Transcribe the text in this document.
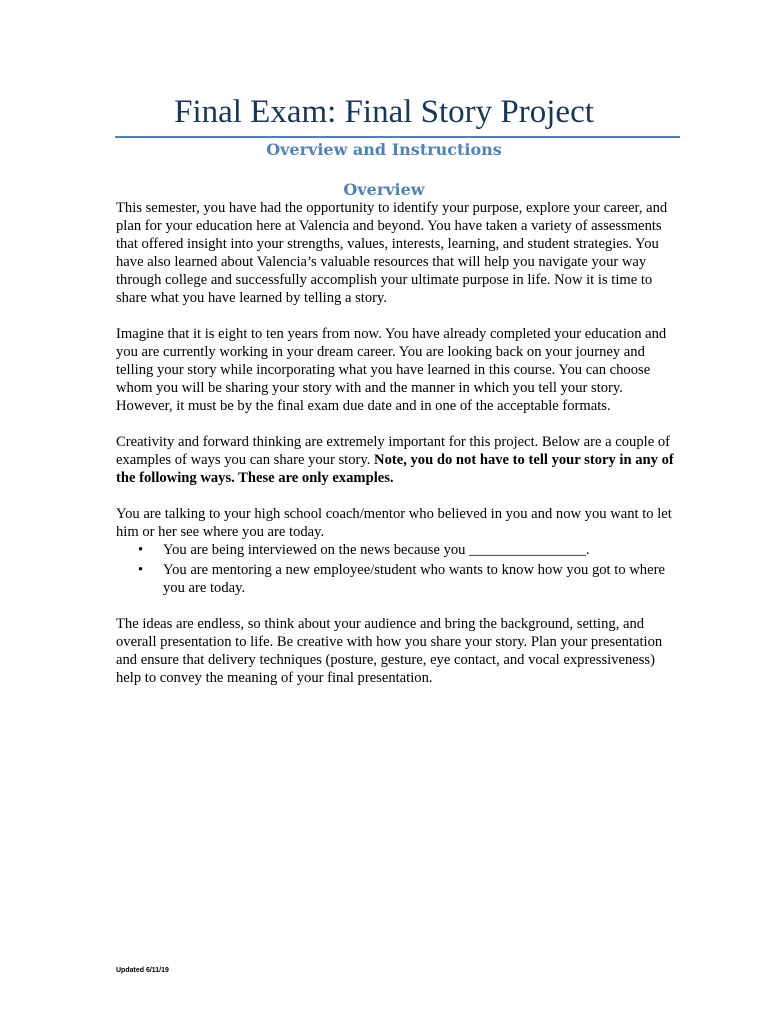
Final Exam: Final Story Project
Overview and Instructions
Overview

This semester, you have had the opportunity to identify your purpose, explore your career, and plan for your education here at Valencia and beyond. You have taken a variety of assessments that offered insight into your strengths, values, interests, learning, and student strategies. You have also learned about Valencia’s valuable resources that will help you navigate your way through college and successfully accomplish your ultimate purpose in life. Now it is time to share what you have learned by telling a story.

Imagine that it is eight to ten years from now. You have already completed your education and you are currently working in your dream career. You are looking back on your journey and telling your story while incorporating what you have learned in this course. You can choose whom you will be sharing your story with and the manner in which you tell your story. However, it must be by the final exam due date and in one of the acceptable formats.

Creativity and forward thinking are extremely important for this project. Below are a couple of examples of ways you can share your story. Note, you do not have to tell your story in any of the following ways. These are only examples.

You are talking to your high school coach/mentor who believed in you and now you want to let him or her see where you are today.

• You are being interviewed on the news because you ________________.
• You are mentoring a new employee/student who wants to know how you got to where you are today.

The ideas are endless, so think about your audience and bring the background, setting, and overall presentation to life. Be creative with how you share your story. Plan your presentation and ensure that delivery techniques (posture, gesture, eye contact, and vocal expressiveness) help to convey the meaning of your final presentation.

Updated 6/11/19
